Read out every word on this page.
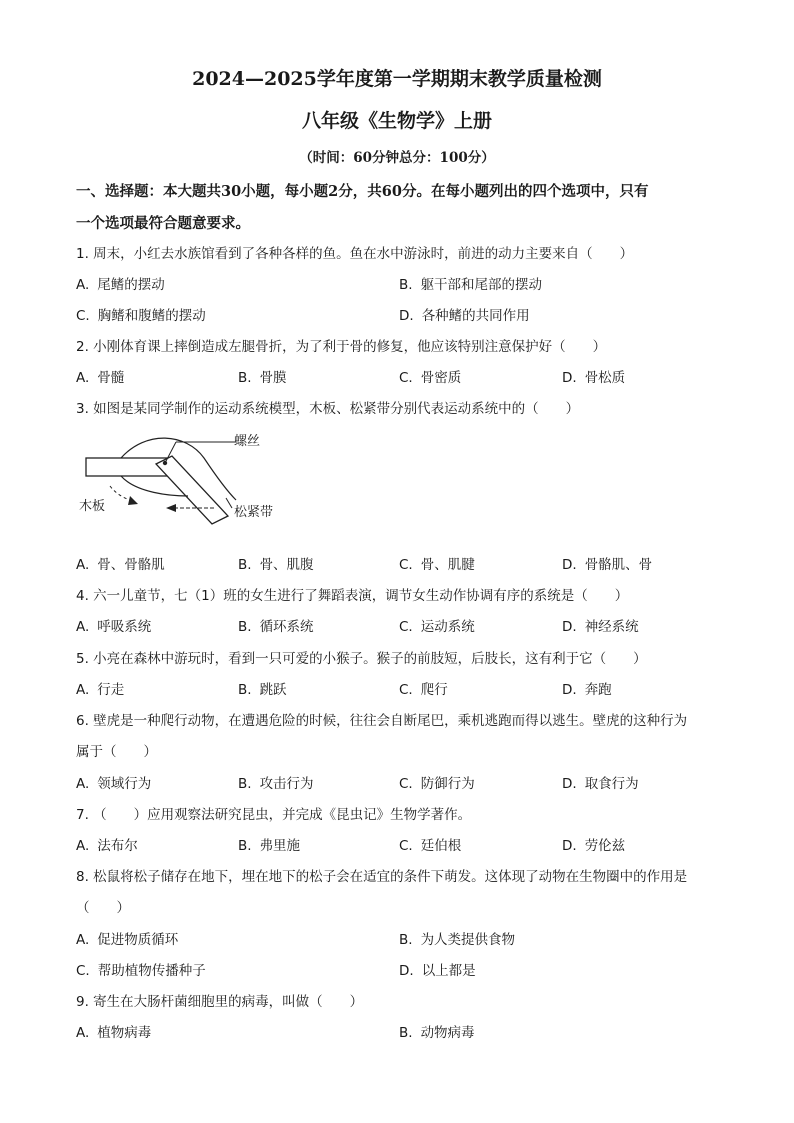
2024—2025学年度第一学期期末教学质量检测
八年级《生物学》上册
（时间：60分钟总分：100分）
一、选择题：本大题共30小题，每小题2分，共60分。在每小题列出的四个选项中，只有
一个选项最符合题意要求。
1. 周末，小红去水族馆看到了各种各样的鱼。鱼在水中游泳时，前进的动力主要来自（　　）
A. 尾鳍的摆动	B. 躯干部和尾部的摆动
C. 胸鳍和腹鳍的摆动	D. 各种鳍的共同作用
2. 小刚体育课上摔倒造成左腿骨折，为了利于骨的修复，他应该特别注意保护好（　　）
A. 骨髓	B. 骨膜	C. 骨密质	D. 骨松质
3. 如图是某同学制作的运动系统模型，木板、松紧带分别代表运动系统中的（　　）
螺丝
木板	松紧带
A. 骨、骨骼肌	B. 骨、肌腹	C. 骨、肌腱	D. 骨骼肌、骨
4. 六一儿童节，七（1）班的女生进行了舞蹈表演，调节女生动作协调有序的系统是（　　）
A. 呼吸系统	B. 循环系统	C. 运动系统	D. 神经系统
5. 小亮在森林中游玩时，看到一只可爱的小猴子。猴子的前肢短，后肢长，这有利于它（　　）
A. 行走	B. 跳跃	C. 爬行	D. 奔跑
6. 壁虎是一种爬行动物，在遭遇危险的时候，往往会自断尾巴，乘机逃跑而得以逃生。壁虎的这种行为
属于（　　）
A. 领域行为	B. 攻击行为	C. 防御行为	D. 取食行为
7. （　　）应用观察法研究昆虫，并完成《昆虫记》生物学著作。
A. 法布尔	B. 弗里施	C. 廷伯根	D. 劳伦兹
8. 松鼠将松子储存在地下，埋在地下的松子会在适宜的条件下萌发。这体现了动物在生物圈中的作用是
（　　）
A. 促进物质循环	B. 为人类提供食物
C. 帮助植物传播种子	D. 以上都是
9. 寄生在大肠杆菌细胞里的病毒，叫做（　　）
A. 植物病毒	B. 动物病毒
